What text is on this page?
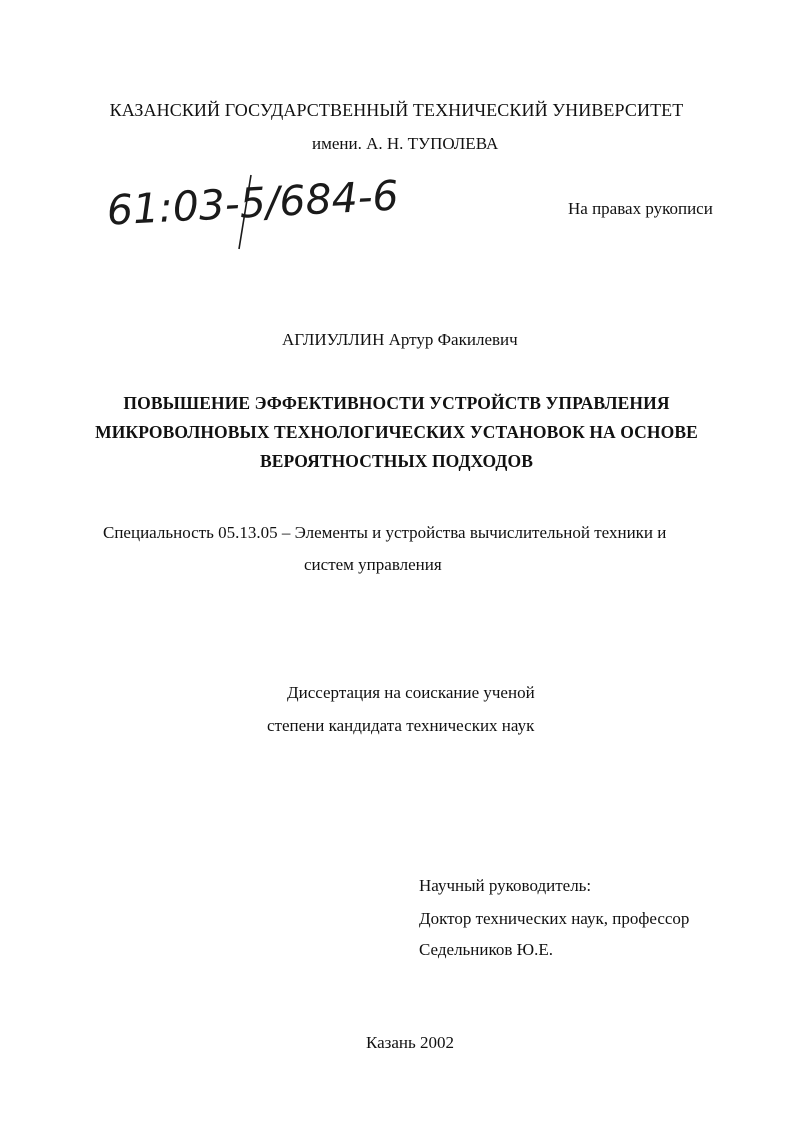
КАЗАНСКИЙ ГОСУДАРСТВЕННЫЙ ТЕХНИЧЕСКИЙ УНИВЕРСИТЕТ

имени. А. Н. ТУПОЛЕВА

61:03-5/684-6	На правах рукописи

АГЛИУЛЛИН Артур Факилевич

ПОВЫШЕНИЕ ЭФФЕКТИВНОСТИ УСТРОЙСТВ УПРАВЛЕНИЯ
МИКРОВОЛНОВЫХ ТЕХНОЛОГИЧЕСКИХ УСТАНОВОК НА ОСНОВЕ
ВЕРОЯТНОСТНЫХ ПОДХОДОВ

Специальность 05.13.05 – Элементы и устройства вычислительной техники и

систем управления

Диссертация на соискание ученой

степени кандидата технических наук

Научный руководитель:

Доктор технических наук, профессор

Седельников Ю.Е.

Казань 2002
